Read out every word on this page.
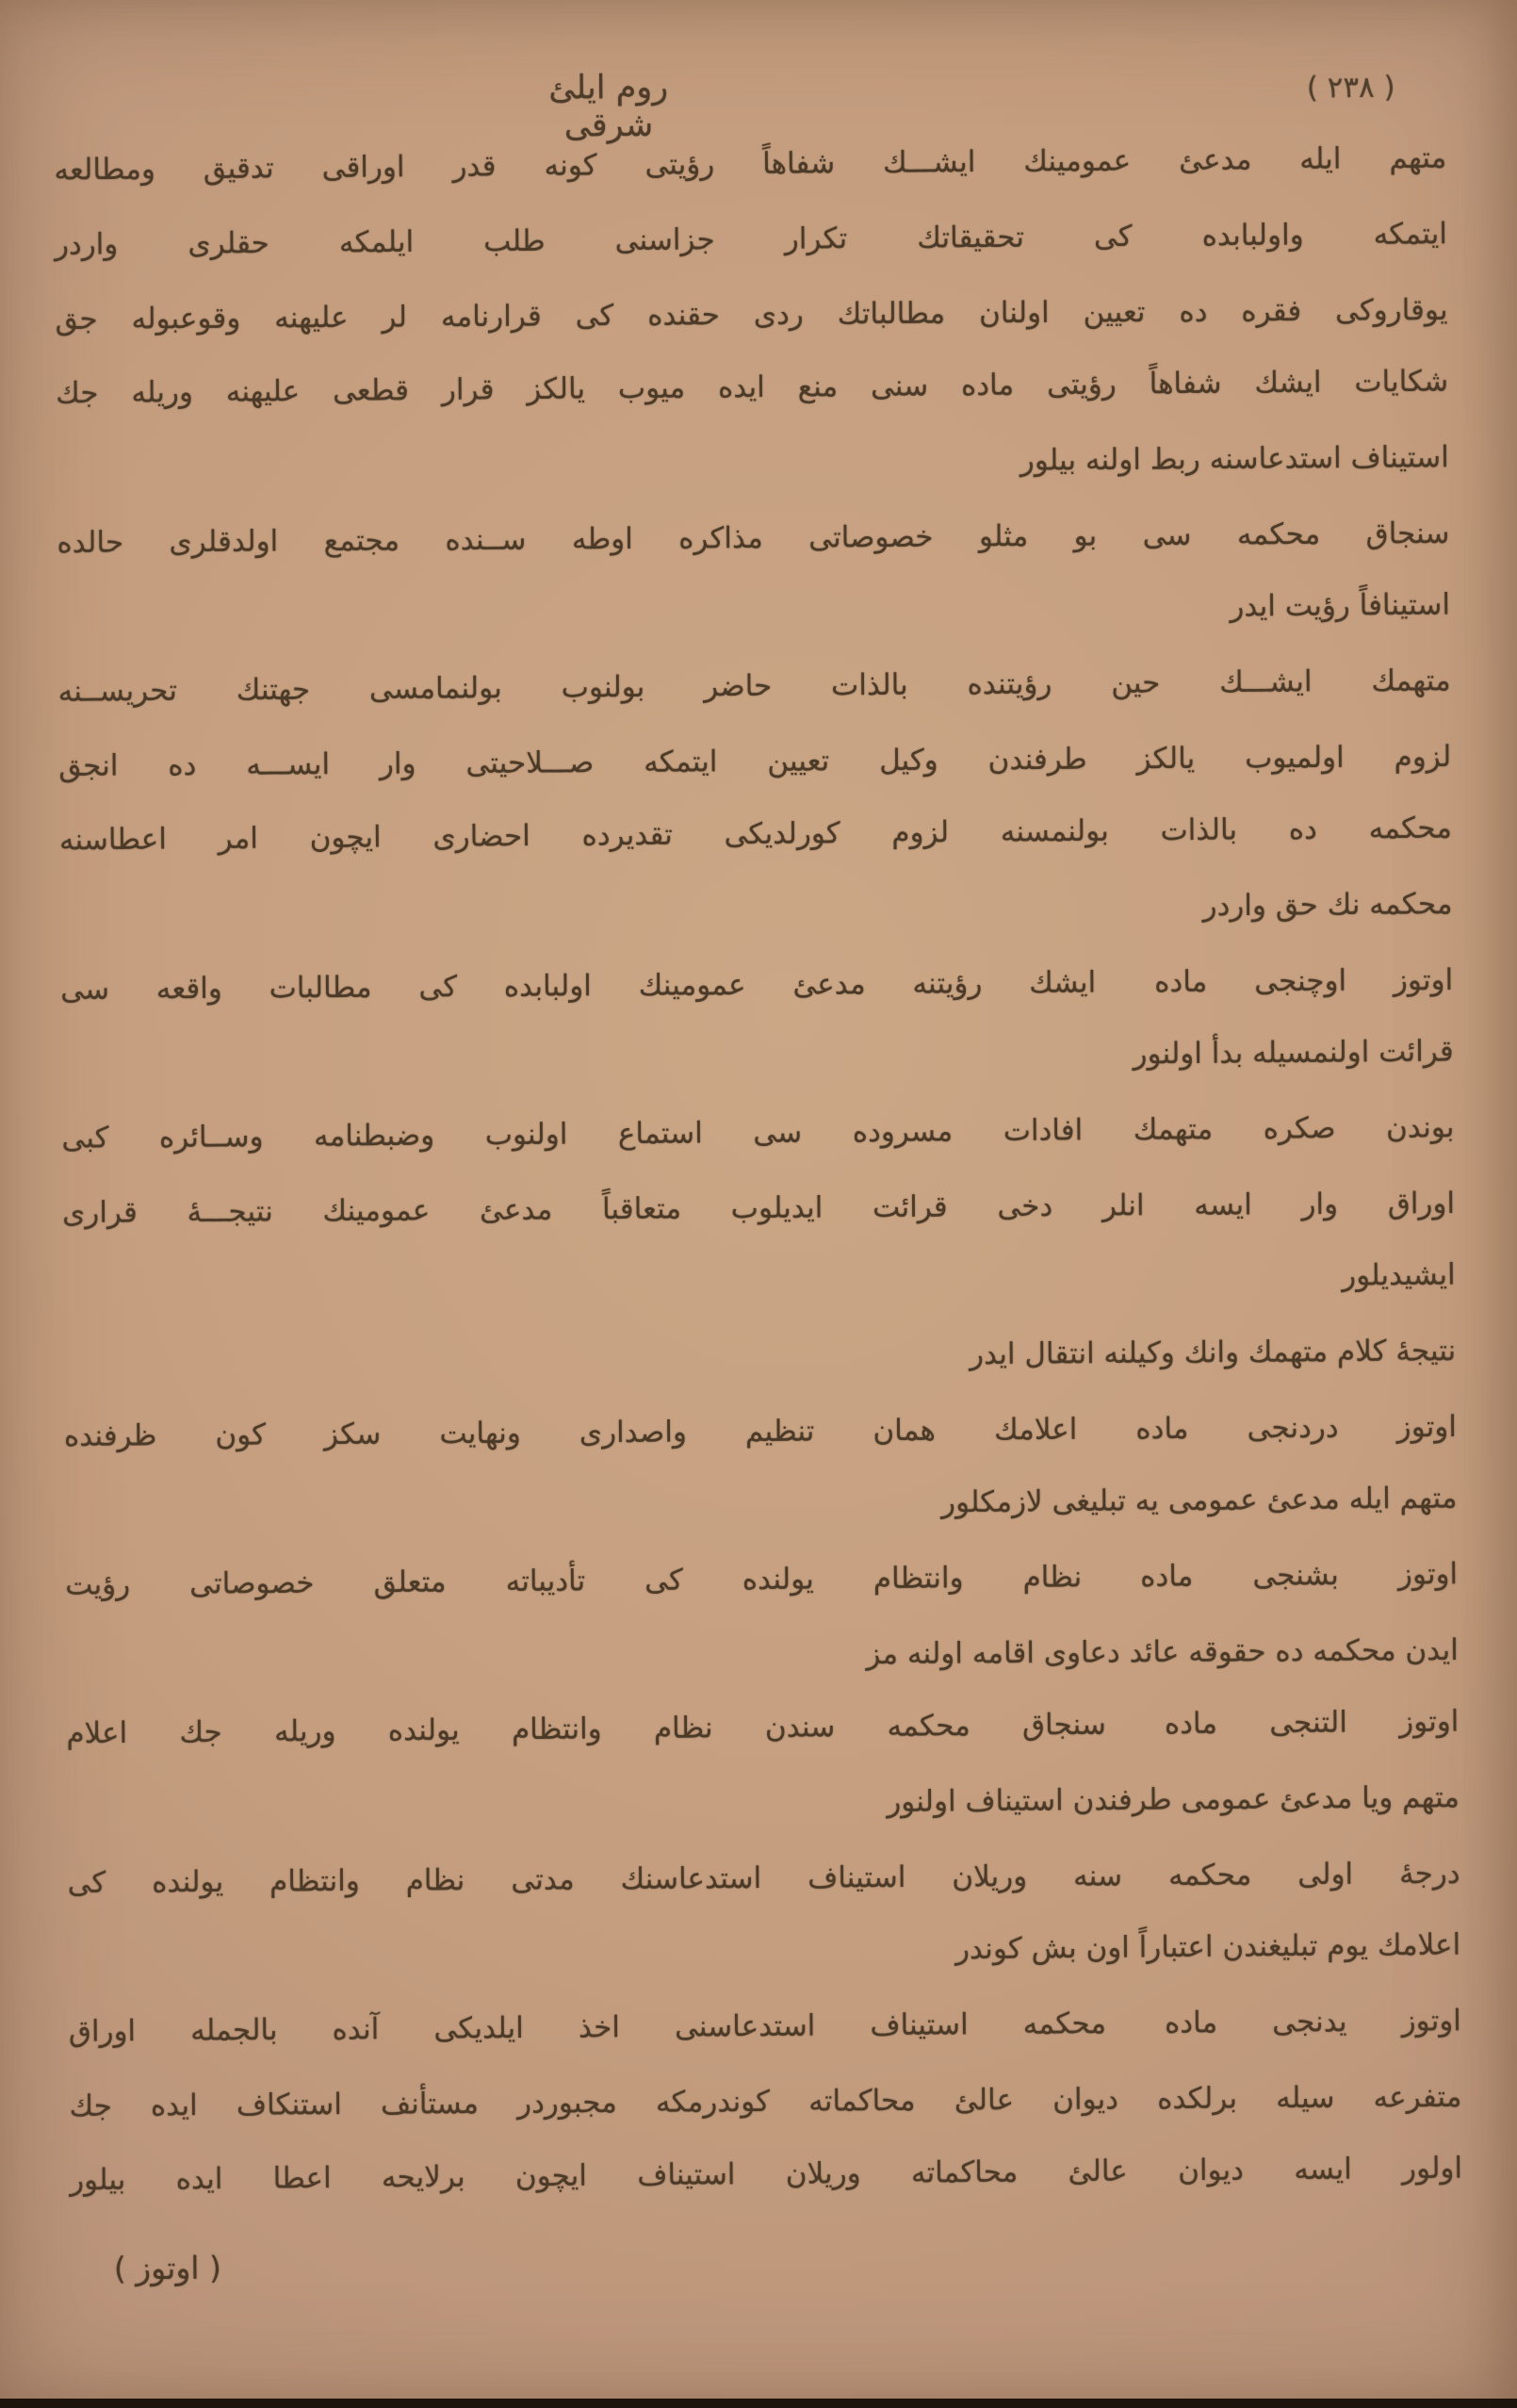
روم ايلئ شرقى
( ٢٣٨ )
متهم ايله مدعئ عمومينك ايشـــك شفاهاً رؤيتى كونه قدر اوراقى تدقيق ومطالعه
ايتمكه واولبابده كى تحقيقاتك تكرار جزاسنى طلب ايلمكه حقلرى واردر
يوقاروكى فقره ده تعيين اولنان مطالباتك ردى حقنده كى قرارنامه لر عليهنه وقوعبوله جق
شكايات ايشك شفاهاً رؤيتى ماده سنى منع ايده ميوب يالكز قرار قطعى عليهنه وريله جك
استيناف استدعاسنه ربط اولنه بيلور
سنجاق محكمه سى بو مثلو خصوصاتى مذاكره اوطه ســنده مجتمع اولدقلرى حالده
استينافاً رؤيت ايدر
متهمك ايشـــك حين رؤيتنده بالذات حاضر بولنوب بولنمامسى جهتنك تحريســنه
لزوم اولميوب يالكز طرفندن وكيل تعيين ايتمكه صـــلاحيتى وار ايســـه ده انجق
محكمه ده بالذات بولنمسنه لزوم كورلديكى تقديرده احضارى ايچون امر اعطاسنه
محكمه نك حق واردر
اوتوز اوچنجى ماده  ايشك رؤيتنه مدعئ عمومينك اولبابده كى مطالبات واقعه سى
قرائت اولنمسيله بدأ اولنور
بوندن صكره متهمك افادات مسروده سى استماع اولنوب وضبطنامه وســائره كبى
اوراق وار ايسه انلر دخى قرائت ايديلوب متعاقباً مدعئ عمومينك نتيجـــهٔ قرارى
ايشيديلور
نتيجهٔ كلام متهمك وانك وكيلنه انتقال ايدر
اوتوز دردنجى ماده  اعلامك همان تنظيم واصدارى ونهايت سكز كون ظرفنده
متهم ايله مدعئ عمومى يه تبليغى لازمكلور
اوتوز بشنجى ماده  نظام وانتظام يولنده كى تأديباته متعلق خصوصاتى رؤيت
ايدن محكمه ده حقوقه عائد دعاوى اقامه اولنه مز
اوتوز التنجى ماده  سنجاق محكمه سندن نظام وانتظام يولنده وريله جك اعلام
متهم ويا مدعئ عمومى طرفندن استيناف اولنور
درجهٔ اولى محكمه سنه وريلان استيناف استدعاسنك مدتى نظام وانتظام يولنده كى
اعلامك يوم تبليغندن اعتباراً اون بش كوندر
اوتوز يدنجى ماده  محكمه استيناف استدعاسنى اخذ ايلديكى آنده بالجمله اوراق
متفرعه سيله برلكده ديوان عالئ محاكماته كوندرمكه مجبوردر مستأنف استنكاف ايده جك
اولور ايسه ديوان عالئ محاكماته وريلان استيناف ايچون برلايحه اعطا ايده بيلور
( اوتوز )
